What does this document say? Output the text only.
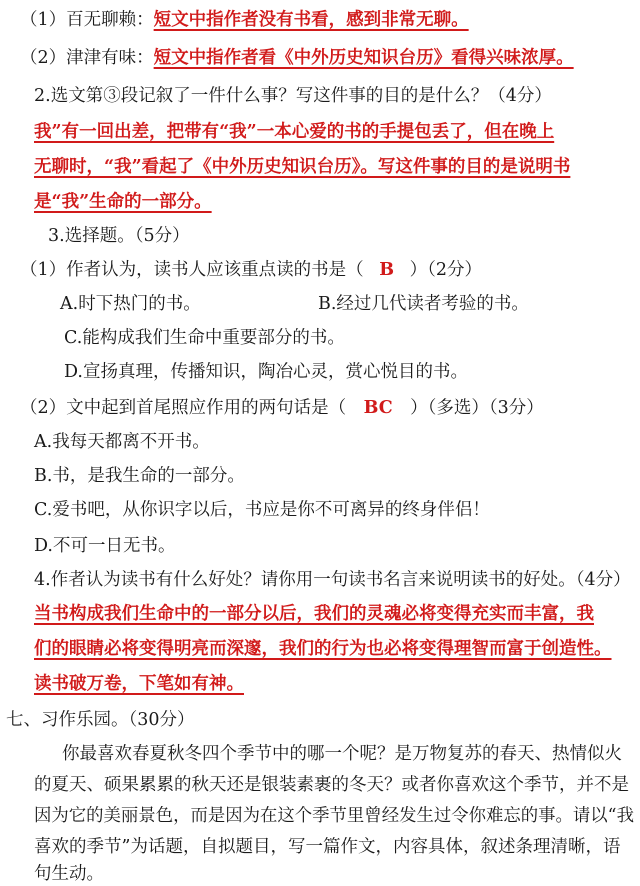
（1）百无聊赖：短文中指作者没有书看，感到非常无聊。
（2）津津有味：短文中指作者看《中外历史知识台历》看得兴味浓厚。
2.选文第③段记叙了一件什么事？写这件事的目的是什么？（4分）
我”有一回出差，把带有“我”一本心爱的书的手提包丢了，但在晚上
无聊时，“我”看起了《中外历史知识台历》。写这件事的目的是说明书
是“我”生命的一部分。
3.选择题。（5分）
（1）作者认为，读书人应该重点读的书是（ B ）（2分）
A.时下热门的书。	B.经过几代读者考验的书。
C.能构成我们生命中重要部分的书。
D.宣扬真理，传播知识，陶冶心灵，赏心悦目的书。
（2）文中起到首尾照应作用的两句话是（ BC ）（多选）（3分）
A.我每天都离不开书。
B.书，是我生命的一部分。
C.爱书吧，从你识字以后，书应是你不可离异的终身伴侣！
D.不可一日无书。
4.作者认为读书有什么好处？请你用一句读书名言来说明读书的好处。（4分）
当书构成我们生命中的一部分以后，我们的灵魂必将变得充实而丰富，我
们的眼睛必将变得明亮而深邃，我们的行为也必将变得理智而富于创造性。
读书破万卷，下笔如有神。
七、习作乐园。（30分）
你最喜欢春夏秋冬四个季节中的哪一个呢？是万物复苏的春天、热情似火
的夏天、硕果累累的秋天还是银装素裹的冬天？或者你喜欢这个季节，并不是
因为它的美丽景色，而是因为在这个季节里曾经发生过令你难忘的事。请以“我
喜欢的季节”为话题，自拟题目，写一篇作文，内容具体，叙述条理清晰，语
句生动。
